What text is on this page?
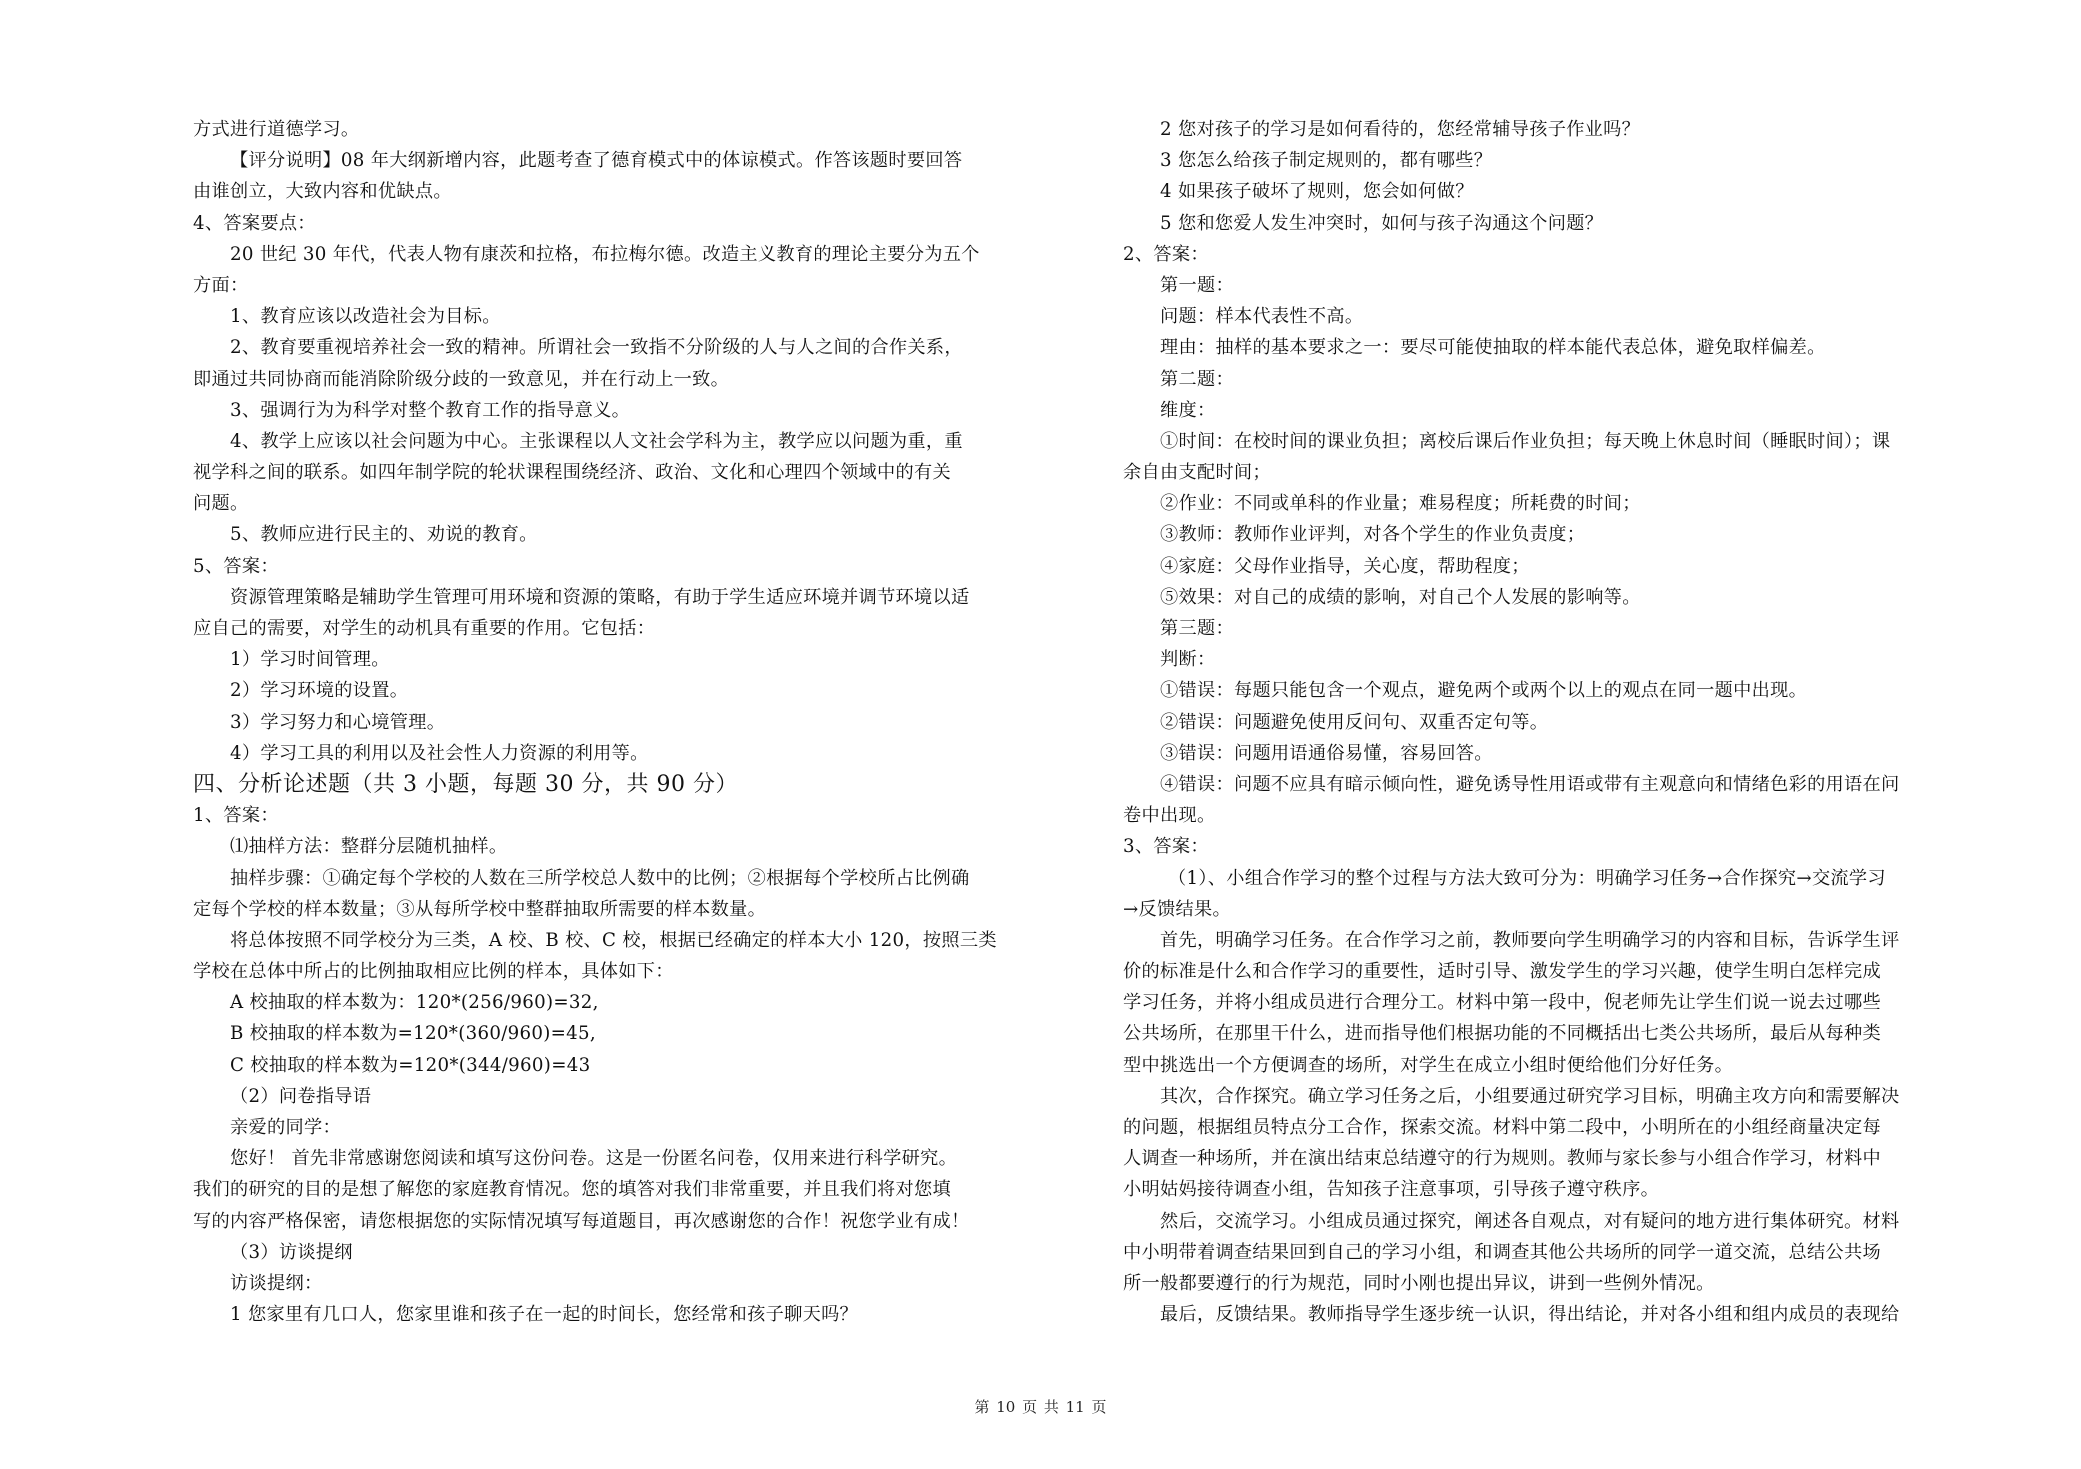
方式进行道德学习。
【评分说明】08 年大纲新增内容，此题考查了德育模式中的体谅模式。作答该题时要回答
由谁创立，大致内容和优缺点。
4、答案要点：
20 世纪 30 年代，代表人物有康茨和拉格，布拉梅尔德。改造主义教育的理论主要分为五个
方面：
1、教育应该以改造社会为目标。
2、教育要重视培养社会一致的精神。所谓社会一致指不分阶级的人与人之间的合作关系，
即通过共同协商而能消除阶级分歧的一致意见，并在行动上一致。
3、强调行为为科学对整个教育工作的指导意义。
4、教学上应该以社会问题为中心。主张课程以人文社会学科为主，教学应以问题为重，重
视学科之间的联系。如四年制学院的轮状课程围绕经济、政治、文化和心理四个领域中的有关
问题。
5、教师应进行民主的、劝说的教育。
5、答案：
资源管理策略是辅助学生管理可用环境和资源的策略，有助于学生适应环境并调节环境以适
应自己的需要，对学生的动机具有重要的作用。它包括：
1）学习时间管理。
2）学习环境的设置。
3）学习努力和心境管理。
4）学习工具的利用以及社会性人力资源的利用等。
四、分析论述题（共 3 小题，每题 30 分，共 90 分）
1、答案：
⑴抽样方法：整群分层随机抽样。
抽样步骤：①确定每个学校的人数在三所学校总人数中的比例；②根据每个学校所占比例确
定每个学校的样本数量；③从每所学校中整群抽取所需要的样本数量。
将总体按照不同学校分为三类，A 校、B 校、C 校，根据已经确定的样本大小 120，按照三类
学校在总体中所占的比例抽取相应比例的样本，具体如下：
A 校抽取的样本数为：120*(256/960)=32,
B 校抽取的样本数为=120*(360/960)=45,
C 校抽取的样本数为=120*(344/960)=43
（2）问卷指导语
亲爱的同学：
您好！ 首先非常感谢您阅读和填写这份问卷。这是一份匿名问卷，仅用来进行科学研究。
我们的研究的目的是想了解您的家庭教育情况。您的填答对我们非常重要，并且我们将对您填
写的内容严格保密，请您根据您的实际情况填写每道题目，再次感谢您的合作！祝您学业有成！
（3）访谈提纲
访谈提纲：
1 您家里有几口人，您家里谁和孩子在一起的时间长，您经常和孩子聊天吗？
2 您对孩子的学习是如何看待的，您经常辅导孩子作业吗？
3 您怎么给孩子制定规则的，都有哪些？
4 如果孩子破坏了规则，您会如何做？
5 您和您爱人发生冲突时，如何与孩子沟通这个问题？
2、答案：
第一题：
问题：样本代表性不高。
理由：抽样的基本要求之一：要尽可能使抽取的样本能代表总体，避免取样偏差。
第二题：
维度：
①时间：在校时间的课业负担；离校后课后作业负担；每天晚上休息时间（睡眠时间）；课
余自由支配时间；
②作业：不同或单科的作业量；难易程度；所耗费的时间；
③教师：教师作业评判，对各个学生的作业负责度；
④家庭：父母作业指导，关心度，帮助程度；
⑤效果：对自己的成绩的影响，对自己个人发展的影响等。
第三题：
判断：
①错误：每题只能包含一个观点，避免两个或两个以上的观点在同一题中出现。
②错误：问题避免使用反问句、双重否定句等。
③错误：问题用语通俗易懂，容易回答。
④错误：问题不应具有暗示倾向性，避免诱导性用语或带有主观意向和情绪色彩的用语在问
卷中出现。
3、答案：
（1）、小组合作学习的整个过程与方法大致可分为：明确学习任务→合作探究→交流学习
→反馈结果。
首先，明确学习任务。在合作学习之前，教师要向学生明确学习的内容和目标，告诉学生评
价的标准是什么和合作学习的重要性，适时引导、激发学生的学习兴趣，使学生明白怎样完成
学习任务，并将小组成员进行合理分工。材料中第一段中，倪老师先让学生们说一说去过哪些
公共场所，在那里干什么，进而指导他们根据功能的不同概括出七类公共场所，最后从每种类
型中挑选出一个方便调查的场所，对学生在成立小组时便给他们分好任务。
其次，合作探究。确立学习任务之后，小组要通过研究学习目标，明确主攻方向和需要解决
的问题，根据组员特点分工合作，探索交流。材料中第二段中，小明所在的小组经商量决定每
人调查一种场所，并在演出结束总结遵守的行为规则。教师与家长参与小组合作学习，材料中
小明姑妈接待调查小组，告知孩子注意事项，引导孩子遵守秩序。
然后，交流学习。小组成员通过探究，阐述各自观点，对有疑问的地方进行集体研究。材料
中小明带着调查结果回到自己的学习小组，和调查其他公共场所的同学一道交流，总结公共场
所一般都要遵行的行为规范，同时小刚也提出异议，讲到一些例外情况。
最后，反馈结果。教师指导学生逐步统一认识，得出结论，并对各小组和组内成员的表现给
第 10 页 共 11 页
